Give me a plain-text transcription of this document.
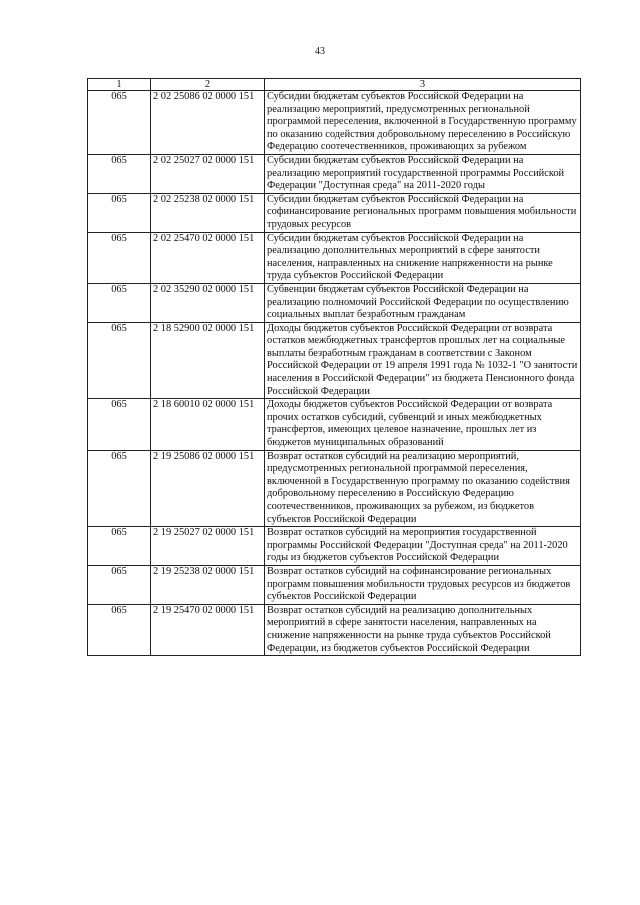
43
1	2	3
065	2 02 25086 02 0000 151	Субсидии бюджетам субъектов Российской Федерации на реализацию мероприятий, предусмотренных региональной программой переселения, включенной в Государственную программу по оказанию содействия добровольному переселению в Российскую Федерацию соотечественников, проживающих за рубежом
065	2 02 25027 02 0000 151	Субсидии бюджетам субъектов Российской Федерации на реализацию мероприятий государственной программы Российской Федерации "Доступная среда" на 2011-2020 годы
065	2 02 25238 02 0000 151	Субсидии бюджетам субъектов Российской Федерации на софинансирование региональных программ повышения мобильности трудовых ресурсов
065	2 02 25470 02 0000 151	Субсидии бюджетам субъектов Российской Федерации на реализацию дополнительных мероприятий в сфере занятости населения, направленных на снижение напряженности на рынке труда субъектов Российской Федерации
065	2 02 35290 02 0000 151	Субвенции бюджетам субъектов Российской Федерации на реализацию полномочий Российской Федерации по осуществлению социальных выплат безработным гражданам
065	2 18 52900 02 0000 151	Доходы бюджетов субъектов Российской Федерации от возврата остатков межбюджетных трансфертов прошлых лет на социальные выплаты безработным гражданам в соответствии с Законом Российской Федерации от 19 апреля 1991 года № 1032-1 "О занятости населения в Российской Федерации" из бюджета Пенсионного фонда Российской Федерации
065	2 18 60010 02 0000 151	Доходы бюджетов субъектов Российской Федерации от возврата прочих остатков субсидий, субвенций и иных межбюджетных трансфертов, имеющих целевое назначение, прошлых лет из бюджетов муниципальных образований
065	2 19 25086 02 0000 151	Возврат остатков субсидий на реализацию мероприятий, предусмотренных региональной программой переселения, включенной в Государственную программу по оказанию содействия добровольному переселению в Российскую Федерацию соотечественников, проживающих за рубежом, из бюджетов субъектов Российской Федерации
065	2 19 25027 02 0000 151	Возврат остатков субсидий на мероприятия государственной программы Российской Федерации "Доступная среда" на 2011-2020 годы из бюджетов субъектов Российской Федерации
065	2 19 25238 02 0000 151	Возврат остатков субсидий на софинансирование региональных программ повышения мобильности трудовых ресурсов из бюджетов субъектов Российской Федерации
065	2 19 25470 02 0000 151	Возврат остатков субсидий на реализацию дополнительных мероприятий в сфере занятости населения, направленных на снижение напряженности на рынке труда субъектов Российской Федерации, из бюджетов субъектов Российской Федерации
